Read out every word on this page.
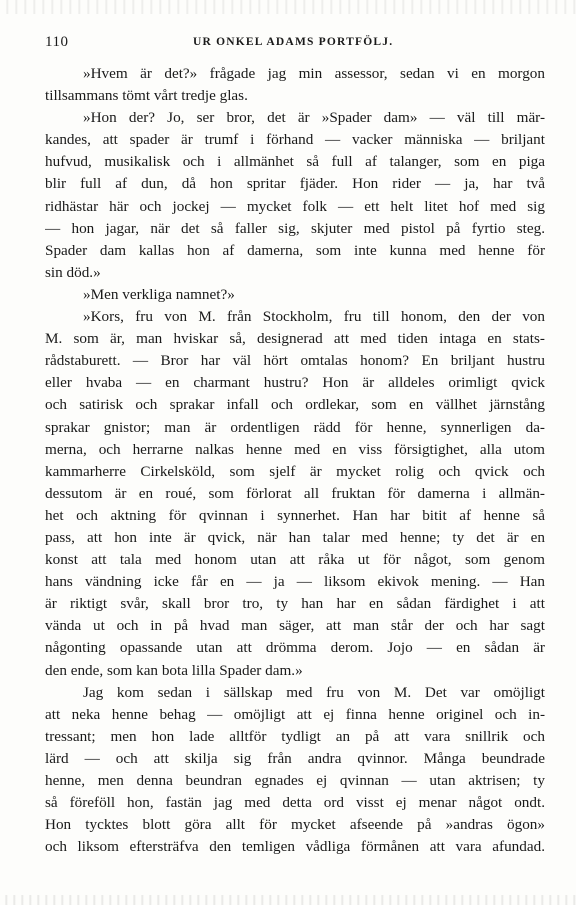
110	UR ONKEL ADAMS PORTFÖLJ.
»Hvem är det?» frågade jag min assessor, sedan vi en morgon
tillsammans tömt vårt tredje glas.
»Hon der? Jo, ser bror, det är »Spader dam» — väl till mär-
kandes, att spader är trumf i förhand — vacker människa — briljant
hufvud, musikalisk och i allmänhet så full af talanger, som en piga
blir full af dun, då hon spritar fjäder. Hon rider — ja, har två
ridhästar här och jockej — mycket folk — ett helt litet hof med sig
— hon jagar, när det så faller sig, skjuter med pistol på fyrtio steg.
Spader dam kallas hon af damerna, som inte kunna med henne för
sin död.»
»Men verkliga namnet?»
»Kors, fru von M. från Stockholm, fru till honom, den der von
M. som är, man hviskar så, designerad att med tiden intaga en stats-
rådstaburett. — Bror har väl hört omtalas honom? En briljant hustru
eller hvaba — en charmant hustru? Hon är alldeles orimligt qvick
och satirisk och sprakar infall och ordlekar, som en vällhet järnstång
sprakar gnistor; man är ordentligen rädd för henne, synnerligen da-
merna, och herrarne nalkas henne med en viss försigtighet, alla utom
kammarherre Cirkelsköld, som sjelf är mycket rolig och qvick och
dessutom är en roué, som förlorat all fruktan för damerna i allmän-
het och aktning för qvinnan i synnerhet. Han har bitit af henne så
pass, att hon inte är qvick, när han talar med henne; ty det är en
konst att tala med honom utan att råka ut för något, som genom
hans vändning icke får en — ja — liksom ekivok mening. — Han
är riktigt svår, skall bror tro, ty han har en sådan färdighet i att
vända ut och in på hvad man säger, att man står der och har sagt
någonting opassande utan att drömma derom. Jojo — en sådan är
den ende, som kan bota lilla Spader dam.»
Jag kom sedan i sällskap med fru von M. Det var omöjligt
att neka henne behag — omöjligt att ej finna henne originel och in-
tressant; men hon lade alltför tydligt an på att vara snillrik och
lärd — och att skilja sig från andra qvinnor. Många beundrade
henne, men denna beundran egnades ej qvinnan — utan aktrisen; ty
så föreföll hon, fastän jag med detta ord visst ej menar något ondt.
Hon tycktes blott göra allt för mycket afseende på »andras ögon»
och liksom eftersträfva den temligen vådliga förmånen att vara afundad.
